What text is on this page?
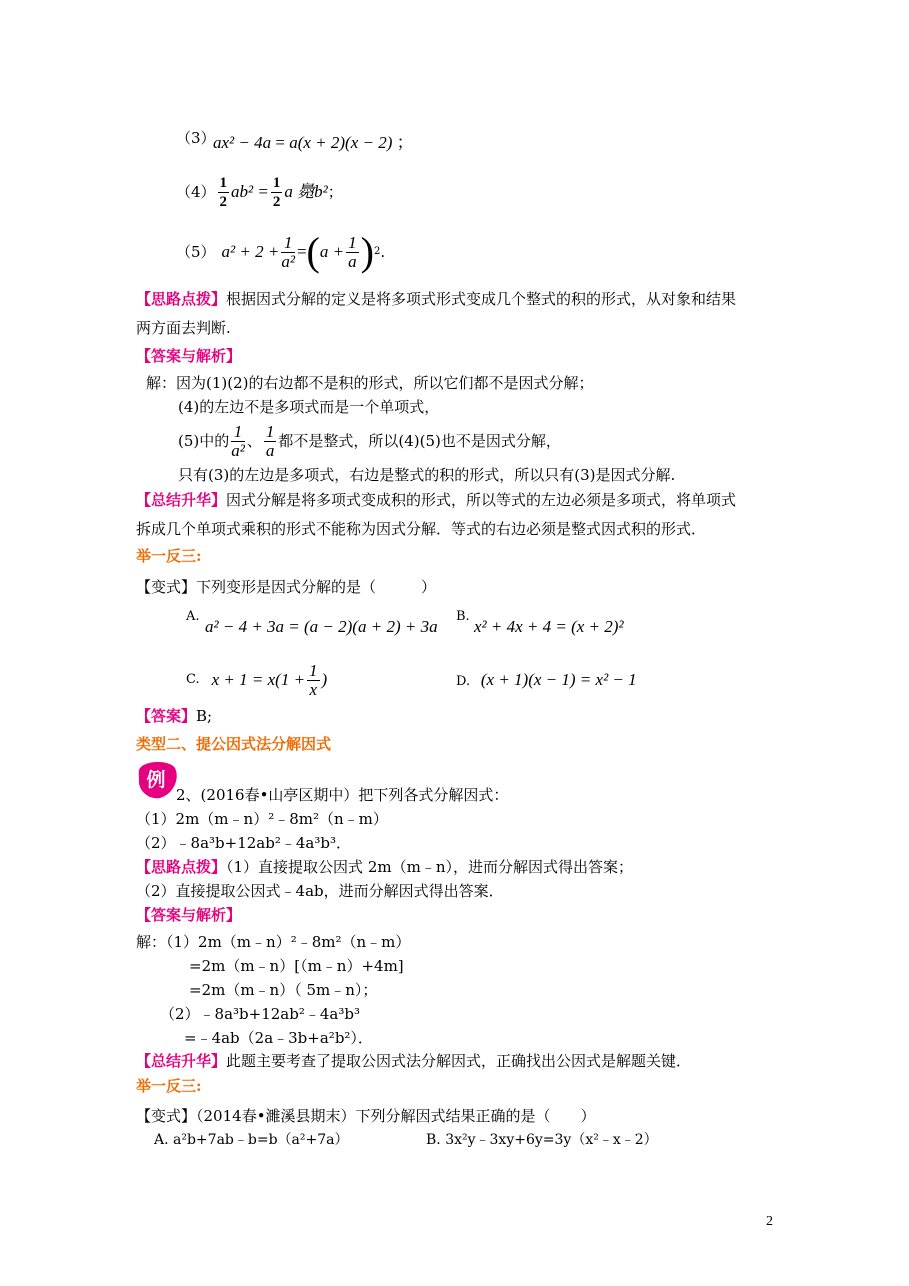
（3）
ax² − 4a = a(x + 2)(x − 2) ；
$(4) \frac{1}{2} ab^2 = \frac{1}{2}$ a 䳃b² ；
（5） $a^2 + 2 + \frac{1}{\text{a²}}$ = ( $a + \frac{1}{a}$ ) 2 .
【思路点拨】根据因式分解的定义是将多项式形式变成几个整式的积的形式，从对象和结果
两方面去判断.
【答案与解析】
解：因为(1)(2)的右边都不是积的形式，所以它们都不是因式分解；
(4)的左边不是多项式而是一个单项式，
(5)中的 $\frac{1}{\text{a²}}$ 、 $\frac{1}{a}$ 都不是整式，所以(4)(5)也不是因式分解，
只有(3)的左边是多项式，右边是整式的积的形式，所以只有(3)是因式分解.
【总结升华】因式分解是将多项式变成积的形式，所以等式的左边必须是多项式，将单项式
拆成几个单项式乘积的形式不能称为因式分解．等式的右边必须是整式因式积的形式．
举一反三:
【变式】下列变形是因式分解的是（　　　）
A.
a² − 4 + 3a = (a − 2)(a + 2) + 3a
B.
x² + 4x + 4 = (x + 2)²
C. $x + 1 = x(1 + \frac{1}{x}$ )	D. (x + 1)(x − 1) = x² − 1
【答案】B;
类型二、提公因式法分解因式
例
2、(2016春•山亭区期中）把下列各式分解因式：
（1）2m（m﹣n）²﹣8m²（n﹣m）
（2）﹣8a³b+12ab²﹣4a³b³．
【思路点拨】（1）直接提取公因式 2m（m﹣n），进而分解因式得出答案；
（2）直接提取公因式﹣4ab，进而分解因式得出答案．
【答案与解析】
解：（1）2m（m﹣n）²﹣8m²（n﹣m）
=2m（m﹣n）[（m﹣n）+4m]
=2m（m﹣n）（ 5m﹣n）；
（2）﹣8a³b+12ab²﹣4a³b³
=﹣4ab（2a﹣3b+a²b²）．
【总结升华】此题主要考查了提取公因式法分解因式，正确找出公因式是解题关键．
举一反三:
【变式】（2014春•濉溪县期末）下列分解因式结果正确的是（　　）
A. a²b+7ab﹣b=b（a²+7a）	B. 3x²y﹣3xy+6y=3y（x²﹣x﹣2）
2
